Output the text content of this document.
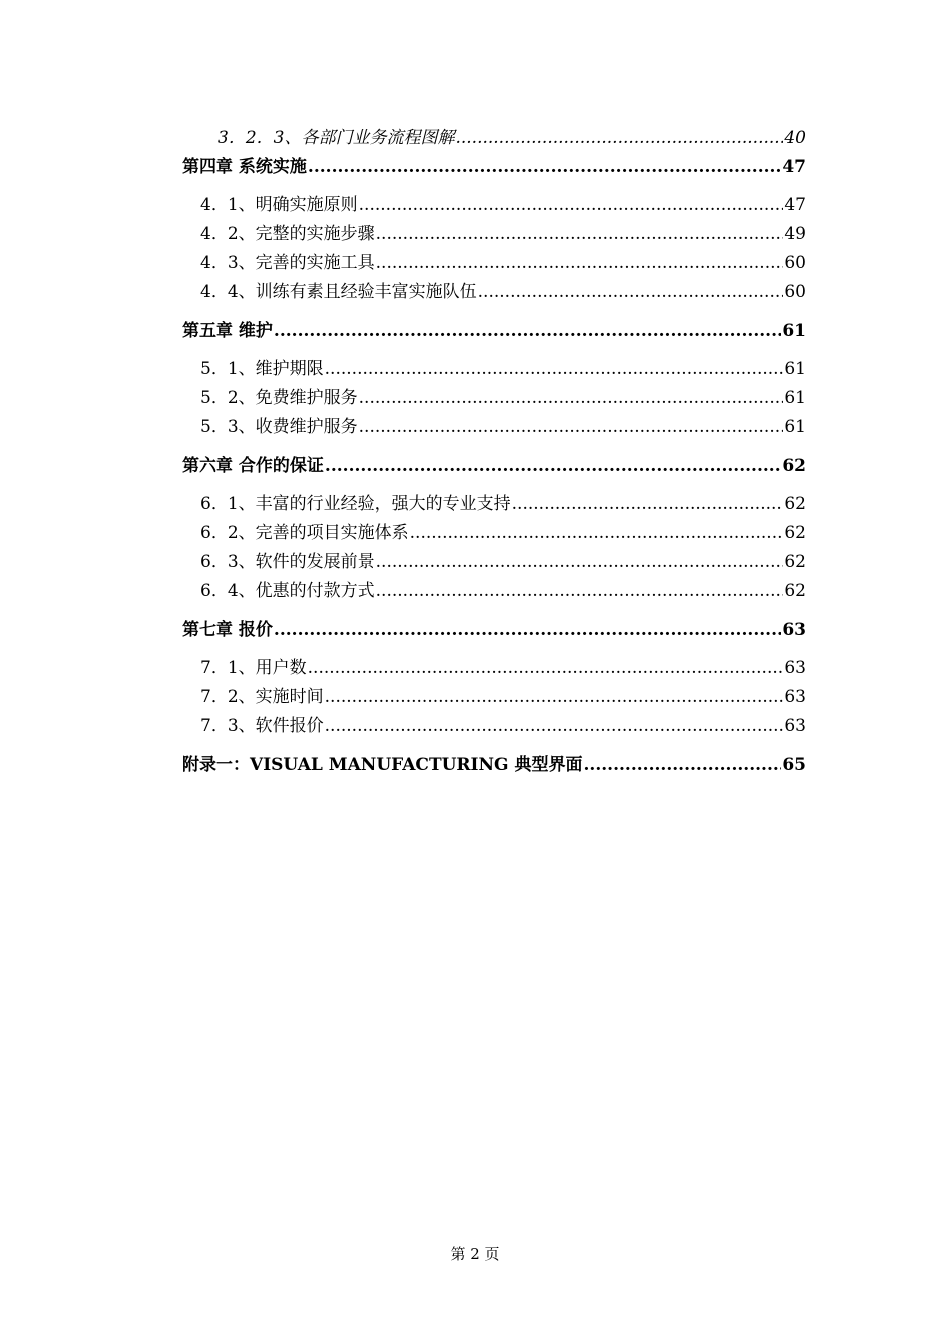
3．2．3、各部门业务流程图解 .....	40
第四章 系统实施 .....	47
4．1、明确实施原则 .....	47
4．2、完整的实施步骤 .....	49
4．3、完善的实施工具 .....	60
4．4、训练有素且经验丰富实施队伍 .....	60
第五章 维护 .....	61
5．1、维护期限 .....	61
5．2、免费维护服务 .....	61
5．3、收费维护服务 .....	61
第六章 合作的保证 .....	62
6．1、丰富的行业经验，强大的专业支持 .....	62
6．2、完善的项目实施体系 .....	62
6．3、软件的发展前景 .....	62
6．4、优惠的付款方式 .....	62
第七章 报价 .....	63
7．1、用户数 .....	63
7．2、实施时间 .....	63
7．3、软件报价 .....	63
附录一：VISUAL MANUFACTURING 典型界面 .....	65
第 2 页
